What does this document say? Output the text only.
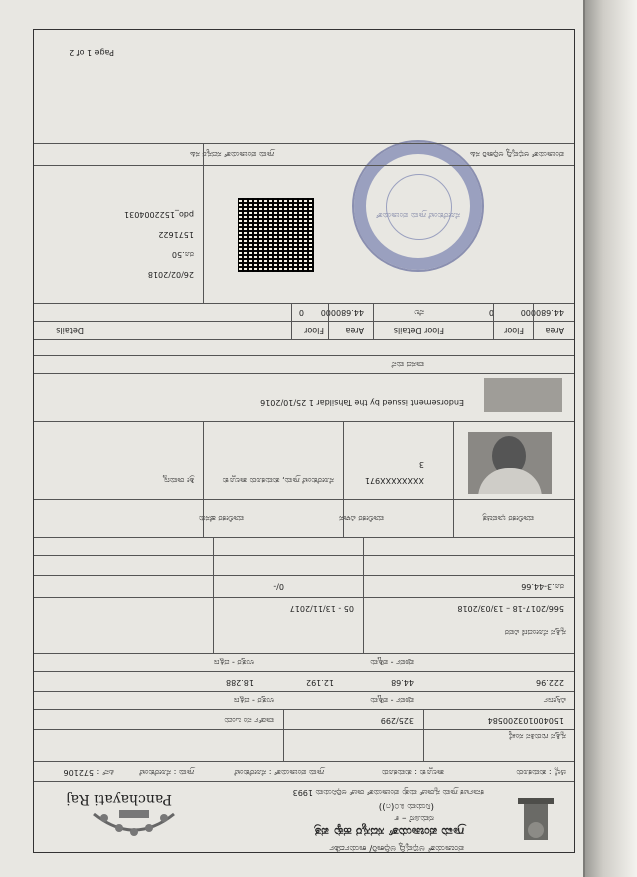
ಗ್ರಾಮ ಪಂಚಾಯತ್ ಸದಸ್ಯರ ಹಕ್ಕು ಪತ್ರ
ನಮೂನೆ – ೯
(ನಿಯಮ ೩೦(೧))
ಕರ್ನಾಟಕ ಗ್ರಾಮ ಸ್ವರಾಜ್ ಮತ್ತು ಪಂಚಾಯತ್ ರಾಜ್ ಅಧಿನಿಯಮ 1993
ಪಂಚಾಯತ್ ಅಭಿವೃದ್ಧಿ ಅಧಿಕಾರಿ/ ಕಾರ್ಯದರ್ಶಿ
Panchayati Raj
ಜಿಲ್ಲೆ : ತುಮಕೂರು
ತಾಲ್ಲೂಕು : ತುಮಕೂರು
ಗ್ರಾಮ ಪಂಚಾಯತ್ : ಸೋರೆಕುಂಟೆ
ಗ್ರಾಮ : ಸೋರೆಕುಂಟೆ
ಪಿನ್ : 572106
ಸ್ವತ್ತಿನ ಗುರುತಿನ ಸಂಖ್ಯೆ
150400103200584
325/299
ವಾರ್ಡ್ ನಂ ಒಂದು
ವಿಸ್ತೀರ್ಣ
ಪೂರ್ವ - ಪಶ್ಚಿಮ
ಉತ್ತರ - ದಕ್ಷಿಣ
222.96
44.68
12.192
18.288
ಪೂರ್ವ - ಪಶ್ಚಿಮ
ಉತ್ತರ - ದಕ್ಷಿಣ
ಸ್ವತ್ತಿನ ನೋಂದಣಿ ವಿವರ
566/2017-18 – 13/03/2018
05 - 13/11/2017
ರೂ.3-44.66
0/-
ಮಾಲೀಕರ ಭಾವಚಿತ್ರ
ಮಾಲೀಕರ ವಿಳಾಸ
ಮಾಲೀಕರ ಹೆಸರು
XXXXXXXX971
3
ಸೋರೆಕುಂಟೆ ಗ್ರಾಮ, ತುಮಕೂರು ತಾಲ್ಲೂಕು
ಶ್ರೀ ರಾಮಣ್ಣ
Endorsement issued by the Tahsildar 1 25/10/2016
ವಾಸದ ಮನೆ
Area
Floor
Floor Details
Area
Floor
Details
44.680000
0
ನೆಲ
44.680000
0
26/02/2018
ರೂ.50
1571622
pdo_1522004031	ಸೋರೆಕುಂಟೆ ಗ್ರಾಮ ಪಂಚಾಯತ್
ಪಂಚಾಯತ್ ಅಭಿವೃದ್ಧಿ ಅಧಿಕಾರಿ ಸಹಿ
ಗ್ರಾಮ ಪಂಚಾಯತ್ ಸದಸ್ಯರ ಸಹಿ
Page 1 of 2
